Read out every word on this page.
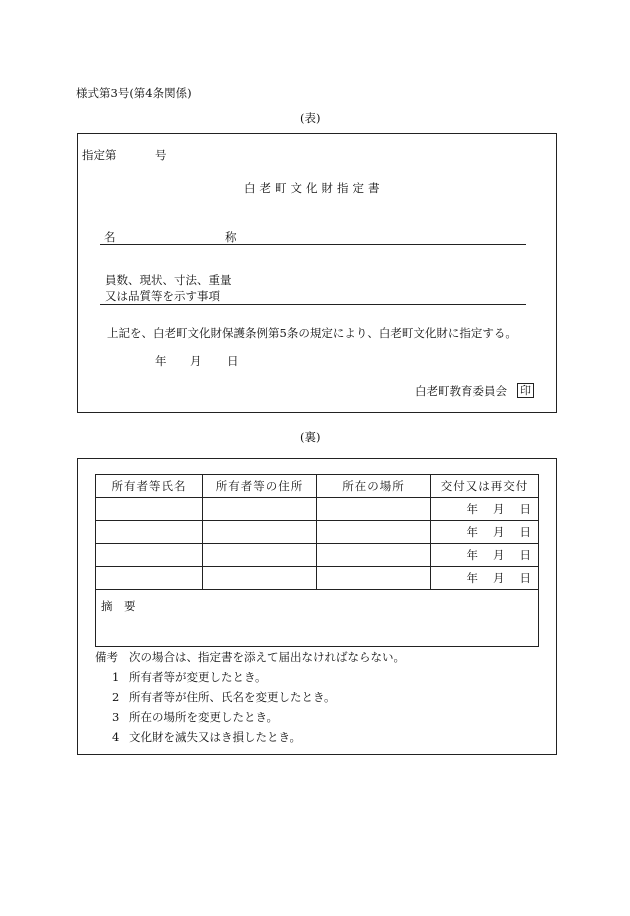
様式第3号(第4条関係)
(表)
指定第	号
白老町文化財指定書
名	称
員数、現状、寸法、重量
又は品質等を示す事項
上記を、白老町文化財保護条例第5条の規定により、白老町文化財に指定する。
年 月 日
白老町教育委員会 印
(裏)
所有者等氏名	所有者等の住所	所在の場所	交付又は再交付
			年 月 日
			年 月 日
			年 月 日
			年 月 日
摘　要			
備考 次の場合は、指定書を添えて届出なければならない。
1 所有者等が変更したとき。
2 所有者等が住所、氏名を変更したとき。
3 所在の場所を変更したとき。
4 文化財を滅失又はき損したとき。
